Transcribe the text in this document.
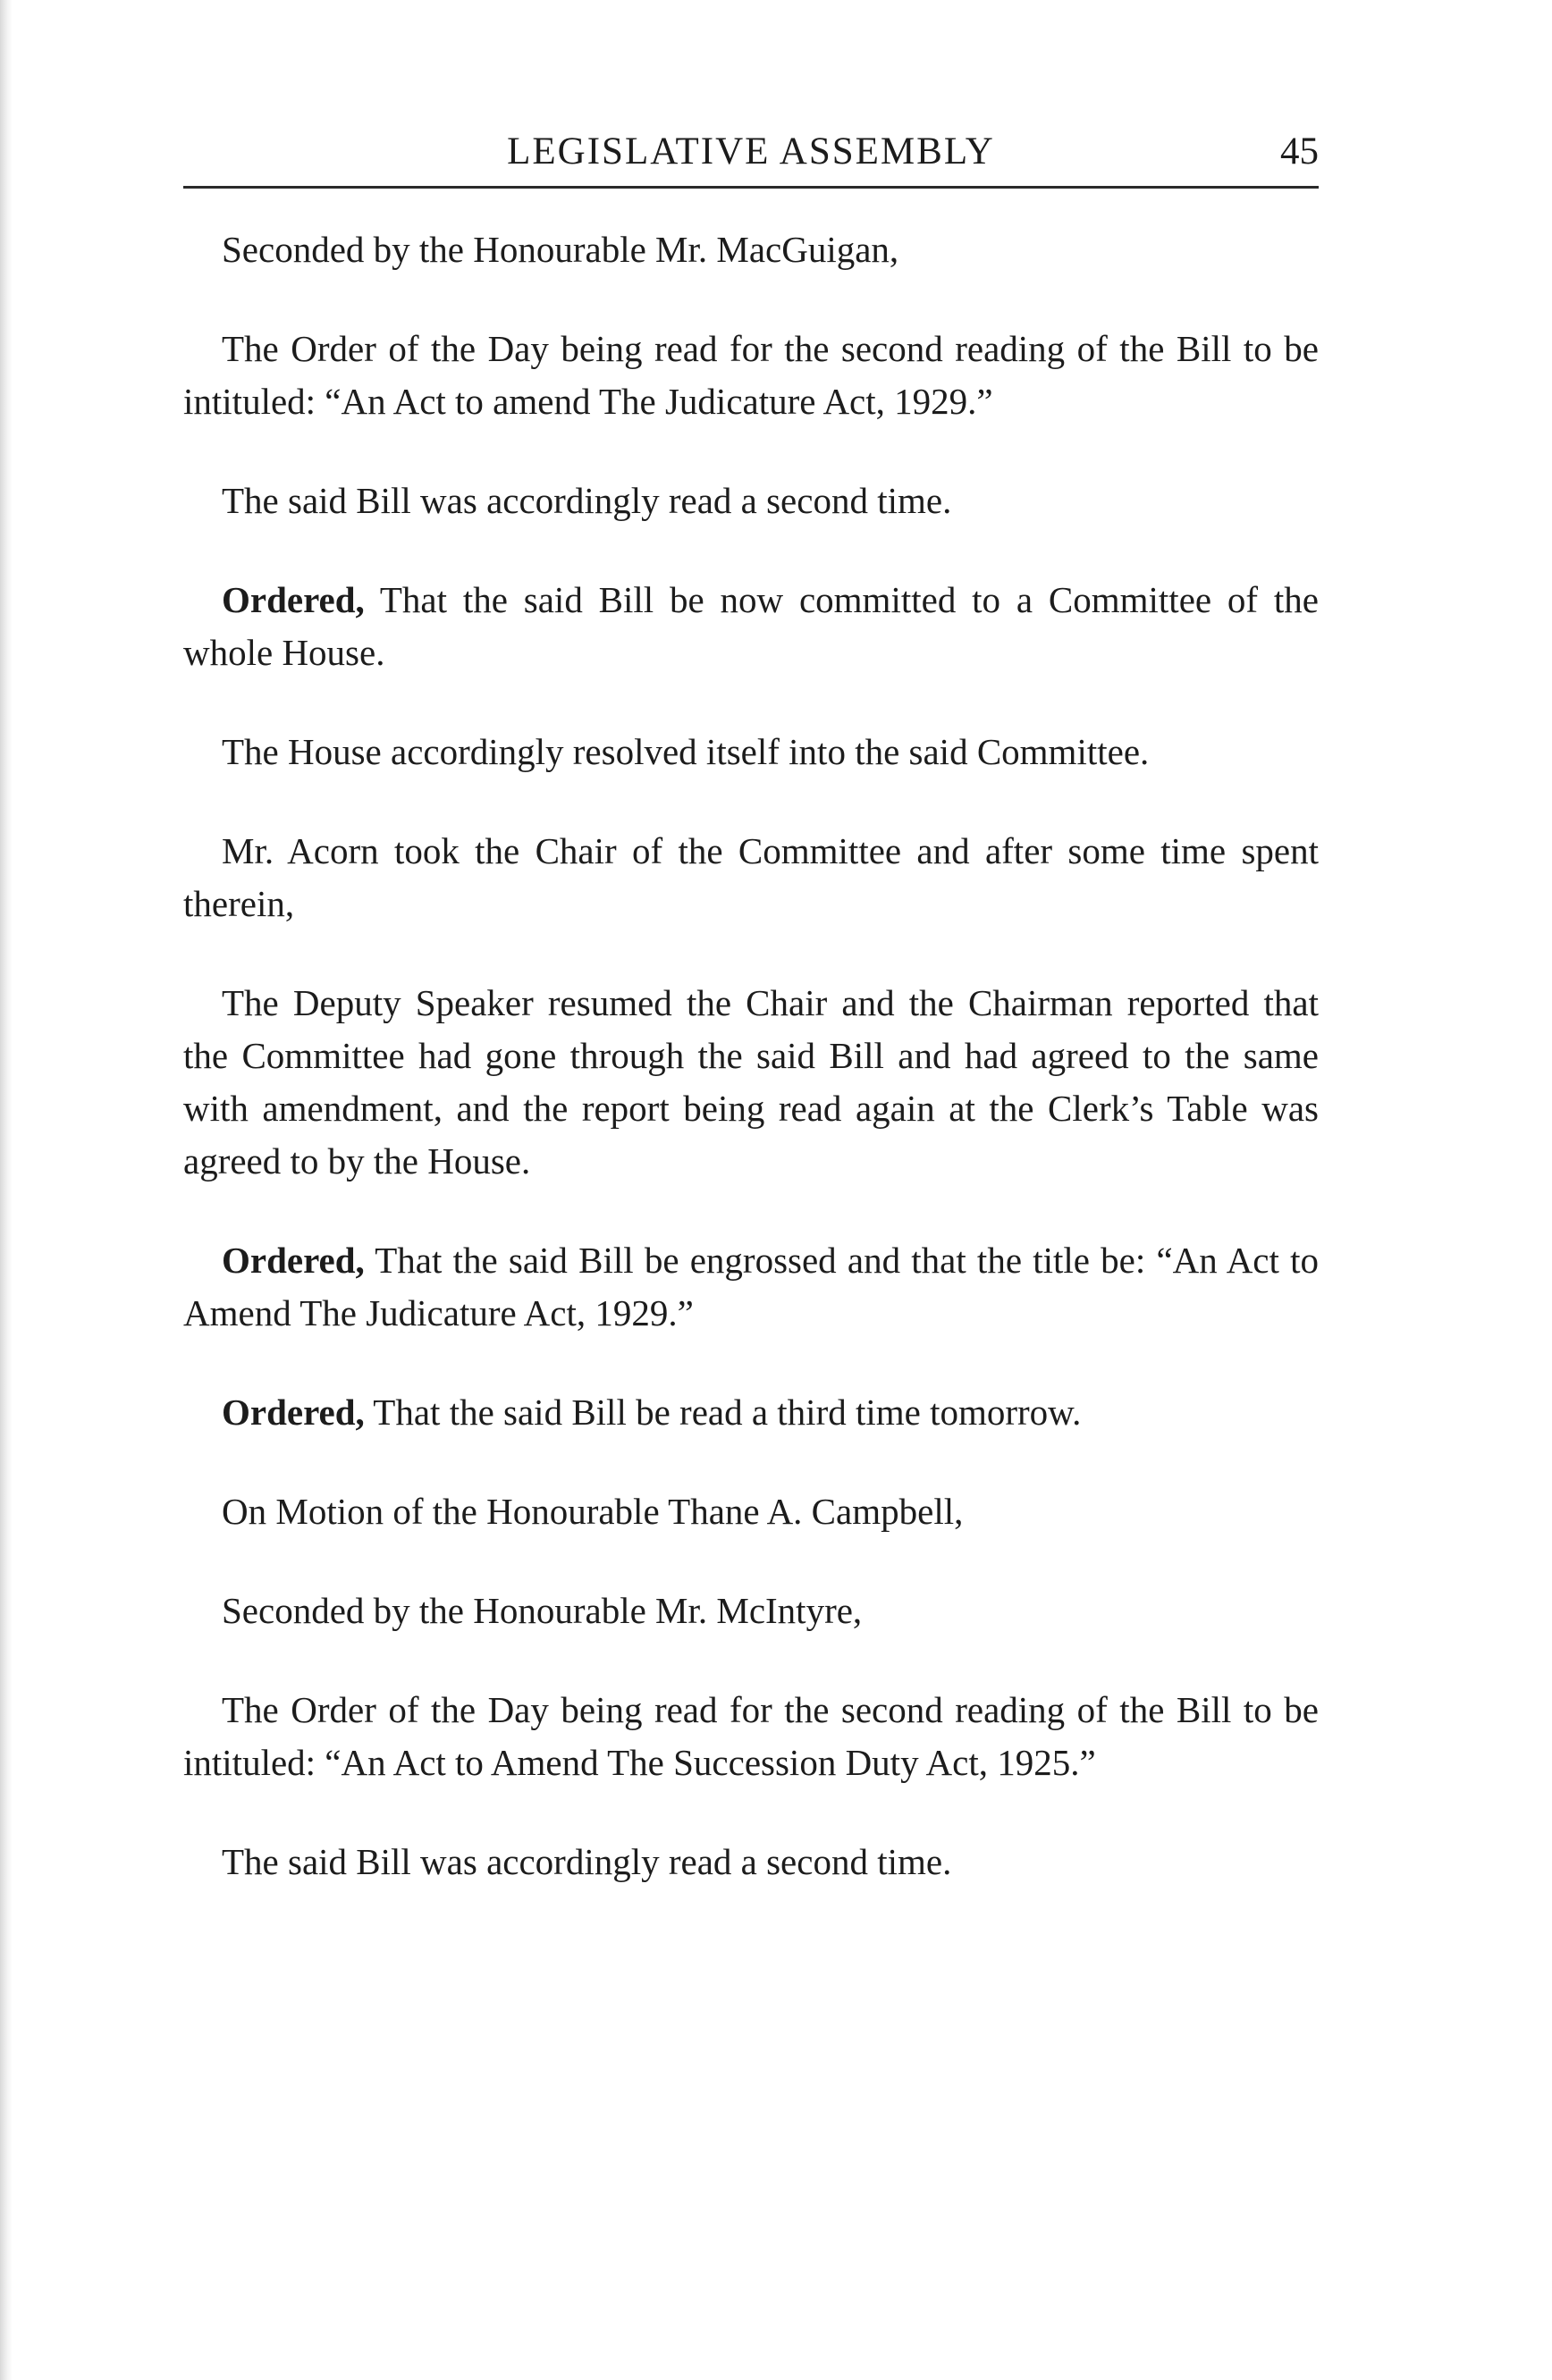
LEGISLATIVE ASSEMBLY	45

Seconded by the Honourable Mr. MacGuigan,

The Order of the Day being read for the second reading of the Bill to be intituled: “An Act to amend The Judicature Act, 1929.”

The said Bill was accordingly read a second time.

Ordered, That the said Bill be now committed to a Committee of the whole House.

The House accordingly resolved itself into the said Committee.

Mr. Acorn took the Chair of the Committee and after some time spent therein,

The Deputy Speaker resumed the Chair and the Chairman reported that the Committee had gone through the said Bill and had agreed to the same with amendment, and the report being read again at the Clerk’s Table was agreed to by the House.

Ordered, That the said Bill be engrossed and that the title be: “An Act to Amend The Judicature Act, 1929.”

Ordered, That the said Bill be read a third time tomorrow.

On Motion of the Honourable Thane A. Campbell,

Seconded by the Honourable Mr. McIntyre,

The Order of the Day being read for the second reading of the Bill to be intituled: “An Act to Amend The Succession Duty Act, 1925.”

The said Bill was accordingly read a second time.
